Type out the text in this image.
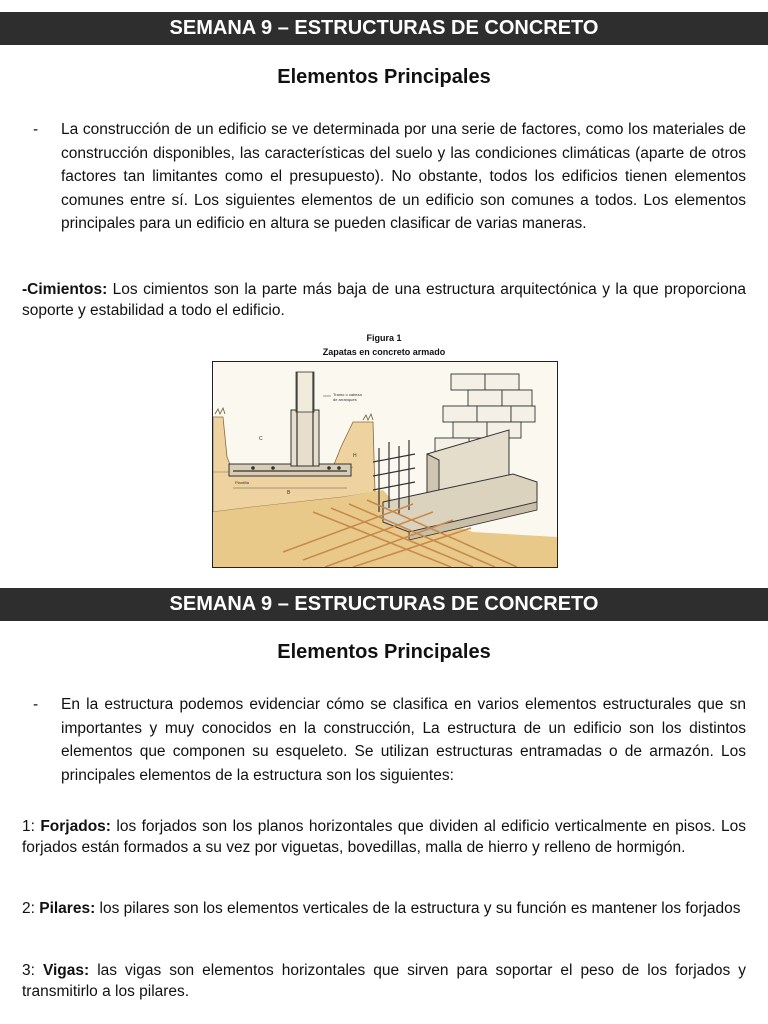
SEMANA 9 – ESTRUCTURAS DE CONCRETO
Elementos Principales
- La construcción de un edificio se ve determinada por una serie de factores, como los materiales de construcción disponibles, las características del suelo y las condiciones climáticas (aparte de otros factores tan limitantes como el presupuesto). No obstante, todos los edificios tienen elementos comunes entre sí. Los siguientes elementos de un edificio son comunes a todos. Los elementos principales para un edificio en altura se pueden clasificar de varias maneras.

-Cimientos: Los cimientos son la parte más baja de una estructura arquitectónica y la que proporciona soporte y estabilidad a todo el edificio.

Figura 1
Zapatas en concreto armado
Tramo o cabeza
de arranques
Plantilla
B
H
C
SEMANA 9 – ESTRUCTURAS DE CONCRETO
Elementos Principales
- En la estructura podemos evidenciar cómo se clasifica en varios elementos estructurales que sn importantes y muy conocidos en la construcción, La estructura de un edificio son los distintos elementos que componen su esqueleto. Se utilizan estructuras entramadas o de armazón. Los principales elementos de la estructura son los siguientes:

1: Forjados: los forjados son los planos horizontales que dividen al edificio verticalmente en pisos. Los forjados están formados a su vez por viguetas, bovedillas, malla de hierro y relleno de hormigón.

2: Pilares: los pilares son los elementos verticales de la estructura y su función es mantener los forjados

3: Vigas: las vigas son elementos horizontales que sirven para soportar el peso de los forjados y transmitirlo a los pilares.
